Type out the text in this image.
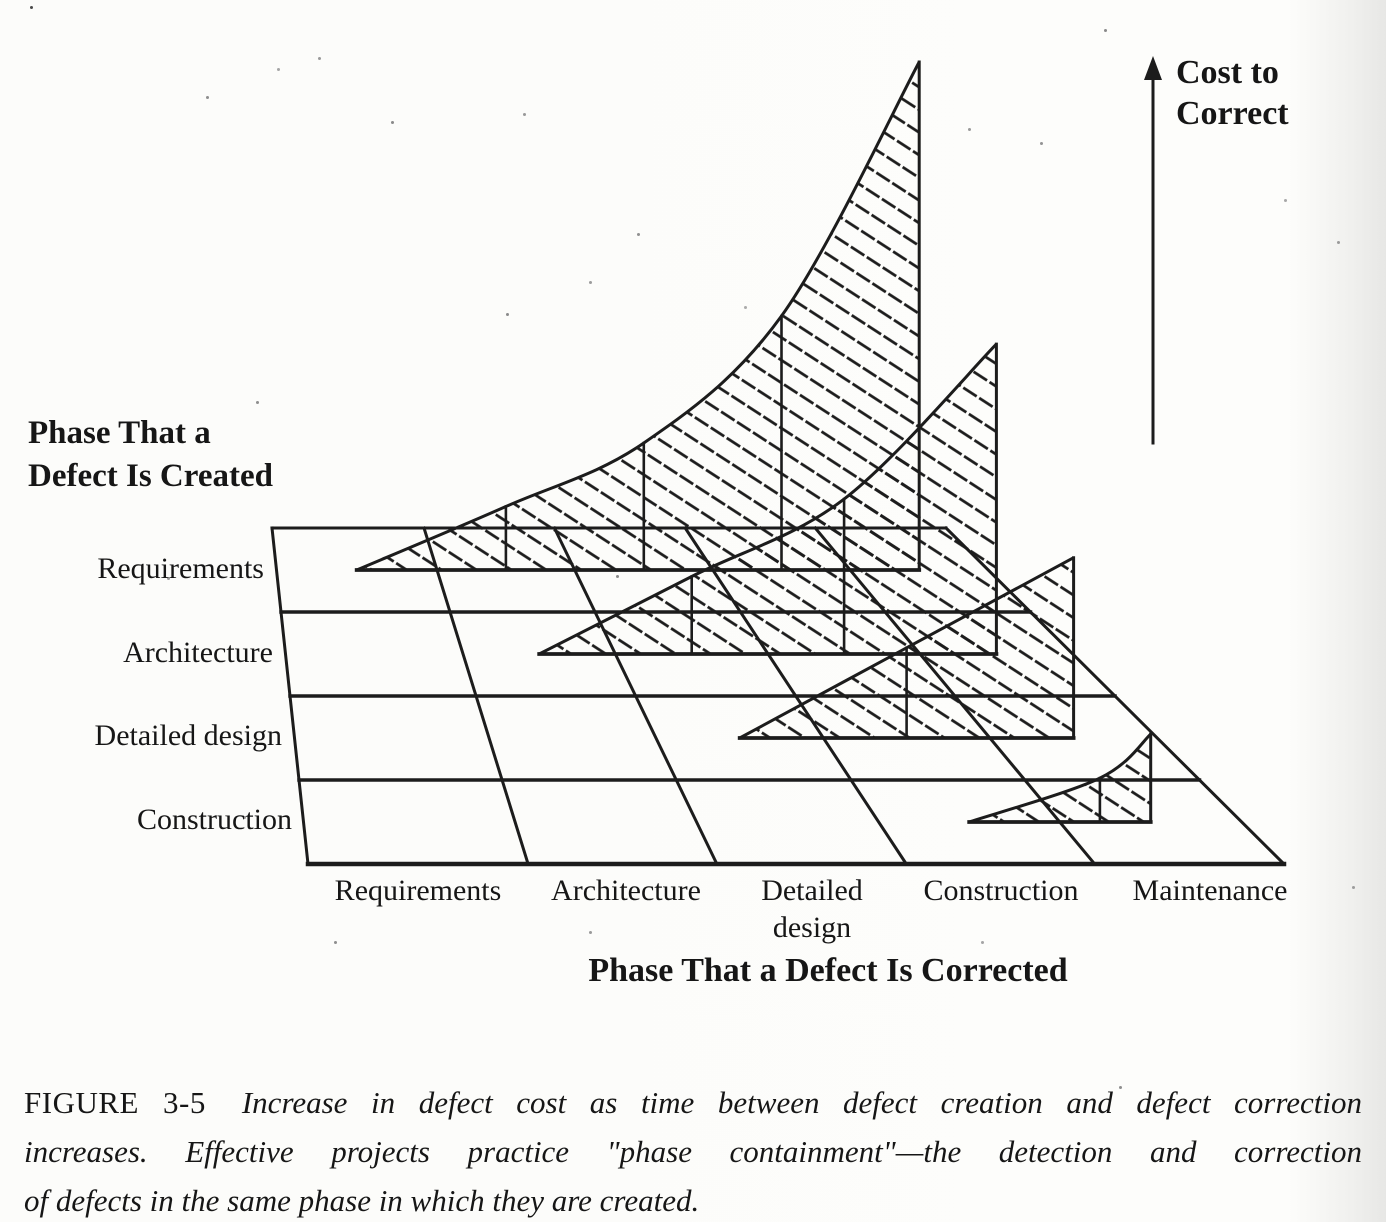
Cost to
Correct
Phase That a
Defect Is Created
Requirements
Architecture
Detailed design
Construction
Requirements Architecture	Detailed design
Construction Maintenance
Phase That a Defect Is Corrected
FIGURE 3-5 Increase in defect cost as time between defect creation and defect correction
increases. Effective projects practice "phase containment"—the detection and correction
of defects in the same phase in which they are created.
